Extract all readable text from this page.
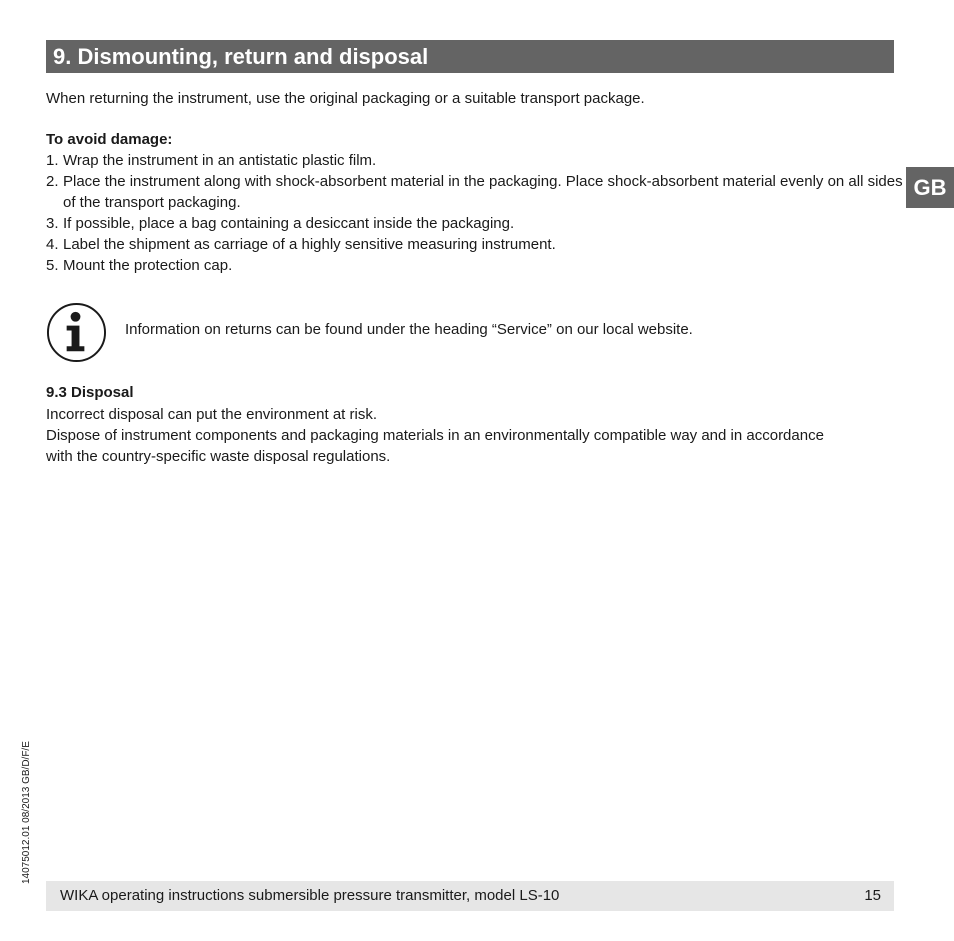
9. Dismounting, return and disposal
GB
When returning the instrument, use the original packaging or a suitable transport package.
To avoid damage:
1. Wrap the instrument in an antistatic plastic film.
2. Place the instrument along with shock-absorbent material in the packaging. Place shock-absorbent material evenly on all sides of the transport packaging.
3. If possible, place a bag containing a desiccant inside the packaging.
4. Label the shipment as carriage of a highly sensitive measuring instrument.
5. Mount the protection cap.
Information on returns can be found under the heading “Service” on our local website.
9.3 Disposal
Incorrect disposal can put the environment at risk.
Dispose of instrument components and packaging materials in an environmentally compatible way and in accordance
with the country-specific waste disposal regulations.
14075012.01 08/2013 GB/D/F/E
WIKA operating instructions submersible pressure transmitter, model LS-10	15
